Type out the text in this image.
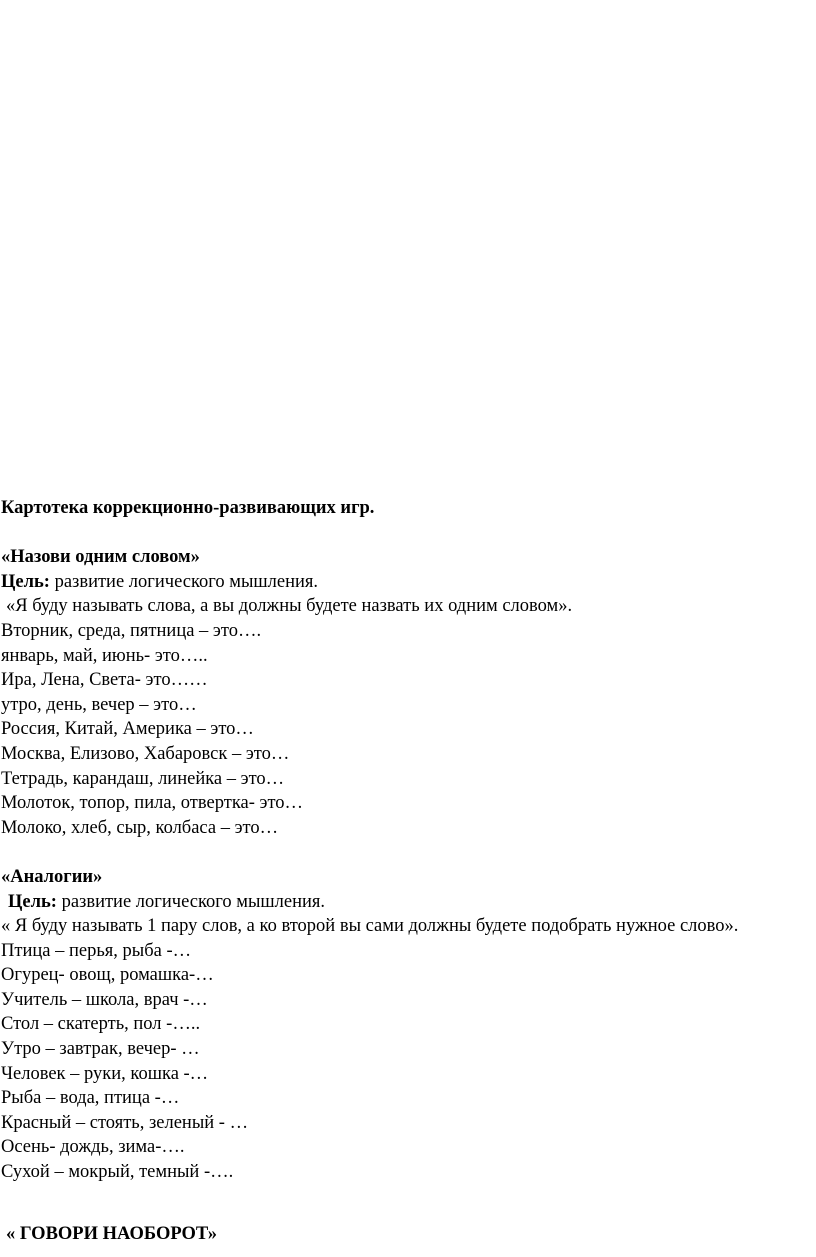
Картотека коррекционно-развивающих игр.
«Назови одним словом»
Цель: развитие логического мышления.
«Я буду называть слова, а вы должны будете назвать их одним словом».
Вторник, среда, пятница – это….
январь, май, июнь- это…..
Ира, Лена, Света- это……
утро, день, вечер – это…
Россия, Китай, Америка – это…
Москва, Елизово, Хабаровск – это…
Тетрадь, карандаш, линейка – это…
Молоток, топор, пила, отвертка- это…
Молоко, хлеб, сыр, колбаса – это…
«Аналогии»
Цель: развитие логического мышления.
« Я буду называть 1 пару слов, а ко второй вы сами должны будете подобрать нужное слово».
Птица – перья, рыба -…
Огурец- овощ, ромашка-…
Учитель – школа, врач -…
Стол – скатерть, пол -…..
Утро – завтрак, вечер- …
Человек – руки, кошка -…
Рыба – вода, птица -…
Красный – стоять, зеленый - …
Осень- дождь, зима-….
Сухой – мокрый, темный -….
« ГОВОРИ НАОБОРОТ»
